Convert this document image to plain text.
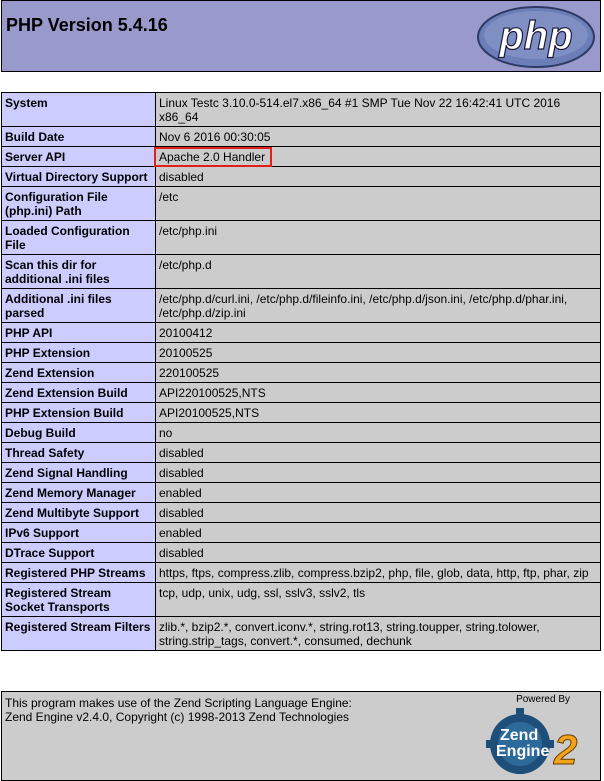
PHP Version 5.4.16	php
System	Linux Testc 3.10.0-514.el7.x86_64 #1 SMP Tue Nov 22 16:42:41 UTC 2016 x86_64
Build Date	Nov 6 2016 00:30:05
Server API	Apache 2.0 Handler
Virtual Directory Support	disabled
Configuration File (php.ini) Path	/etc
Loaded Configuration File	/etc/php.ini
Scan this dir for additional .ini files	/etc/php.d
Additional .ini files parsed	/etc/php.d/curl.ini, /etc/php.d/fileinfo.ini, /etc/php.d/json.ini, /etc/php.d/phar.ini, /etc/php.d/zip.ini
PHP API	20100412
PHP Extension	20100525
Zend Extension	220100525
Zend Extension Build	API220100525,NTS
PHP Extension Build	API20100525,NTS
Debug Build	no
Thread Safety	disabled
Zend Signal Handling	disabled
Zend Memory Manager	enabled
Zend Multibyte Support	disabled
IPv6 Support	enabled
DTrace Support	disabled
Registered PHP Streams	https, ftps, compress.zlib, compress.bzip2, php, file, glob, data, http, ftp, phar, zip
Registered Stream Socket Transports	tcp, udp, unix, udg, ssl, sslv3, sslv2, tls
Registered Stream Filters	zlib.*, bzip2.*, convert.iconv.*, string.rot13, string.toupper, string.tolower, string.strip_tags, convert.*, consumed, dechunk
This program makes use of the Zend Scripting Language Engine:
Zend Engine v2.4.0, Copyright (c) 1998-2013 Zend Technologies
Powered By
Zend
Engine 2
